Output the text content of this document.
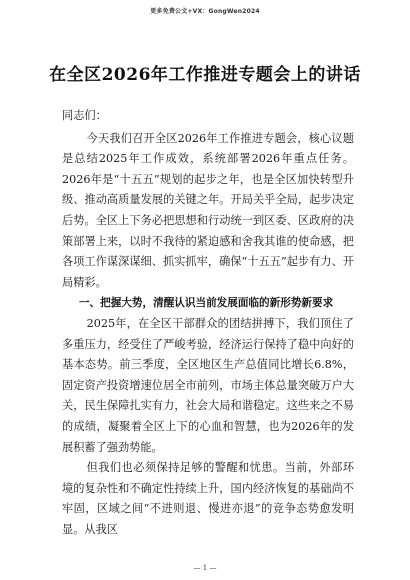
更多免费公文+VX：GongWen2024
在全区2026年工作推进专题会上的讲话

同志们：

今天我们召开全区2026年工作推进专题会，核心议题是总结2025年工作成效，系统部署2026年重点任务。2026年是“十五五”规划的起步之年，也是全区加快转型升级、推动高质量发展的关键之年。开局关乎全局，起步决定后势。全区上下务必把思想和行动统一到区委、区政府的决策部署上来，以时不我待的紧迫感和舍我其谁的使命感，把各项工作谋深谋细、抓实抓牢，确保“十五五”起步有力、开局精彩。

一、把握大势，清醒认识当前发展面临的新形势新要求

2025年，在全区干部群众的团结拼搏下，我们顶住了多重压力，经受住了严峻考验，经济运行保持了稳中向好的基本态势。前三季度，全区地区生产总值同比增长6.8%，固定资产投资增速位居全市前列，市场主体总量突破万户大关，民生保障扎实有力，社会大局和谐稳定。这些来之不易的成绩，凝聚着全区上下的心血和智慧，也为2026年的发展积蓄了强劲势能。

但我们也必须保持足够的警醒和忧患。当前，外部环境的复杂性和不确定性持续上升，国内经济恢复的基础尚不牢固，区域之间“不进则退、慢进亦退”的竞争态势愈发明显。从我区

— 1 —
